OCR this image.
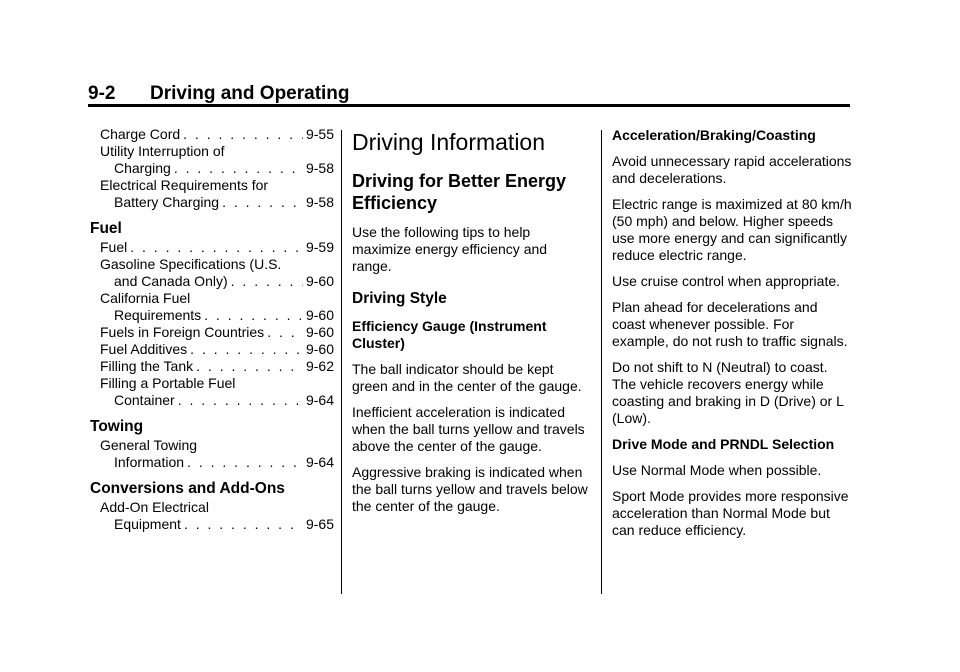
9-2 Driving and Operating
Charge Cord . . .	9-55
Utility Interruption of
Charging . . .	9-58
Electrical Requirements for
Battery Charging . . .	9-58
Fuel
Fuel . . .	9-59
Gasoline Specifications (U.S.
and Canada Only) . . .	9-60
California Fuel
Requirements . . .	9-60
Fuels in Foreign Countries . . .	9-60
Fuel Additives . . .	9-60
Filling the Tank . . .	9-62
Filling a Portable Fuel
Container . . .	9-64
Towing
General Towing
Information . . .	9-64
Conversions and Add-Ons
Add-On Electrical
Equipment . . .	9-65
Driving Information
Driving for Better Energy Efficiency

Use the following tips to help maximize energy efficiency and range.

Driving Style

Efficiency Gauge (Instrument Cluster)

The ball indicator should be kept green and in the center of the gauge.

Inefficient acceleration is indicated when the ball turns yellow and travels above the center of the gauge.

Aggressive braking is indicated when the ball turns yellow and travels below the center of the gauge.

Acceleration/Braking/Coasting

Avoid unnecessary rapid accelerations and decelerations.

Electric range is maximized at 80 km/h (50 mph) and below. Higher speeds use more energy and can significantly reduce electric range.

Use cruise control when appropriate.

Plan ahead for decelerations and coast whenever possible. For example, do not rush to traffic signals.

Do not shift to N (Neutral) to coast. The vehicle recovers energy while coasting and braking in D (Drive) or L (Low).

Drive Mode and PRNDL Selection

Use Normal Mode when possible.

Sport Mode provides more responsive acceleration than Normal Mode but can reduce efficiency.
